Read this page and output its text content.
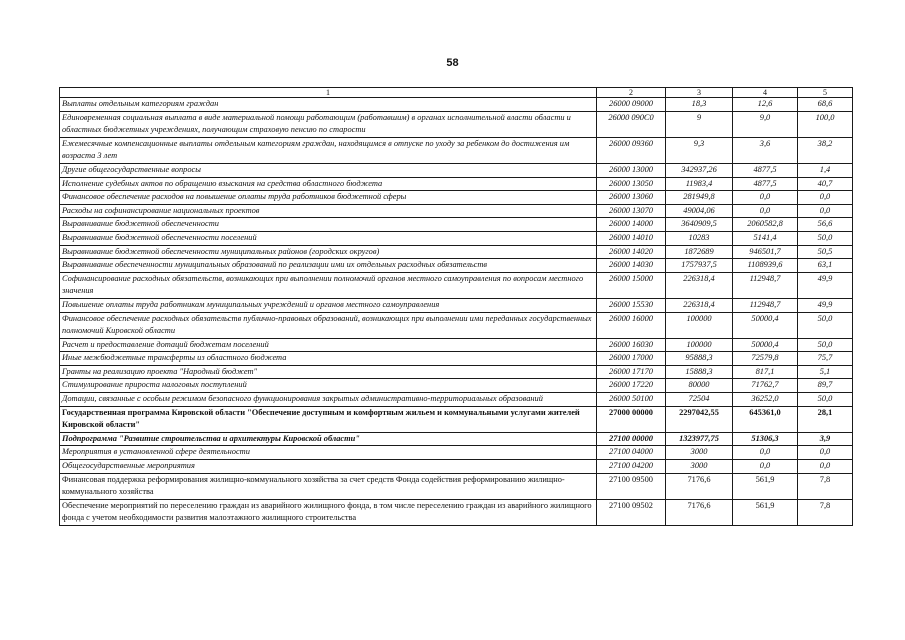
58
1	2	3	4	5
Выплаты отдельным категориям граждан	26000 09000	18,3	12,6	68,6
Единовременная социальная выплата в виде материальной помощи работающим (работавшим) в органах исполнительной власти области и областных бюджетных учреждениях, получающим страховую пенсию по старости	26000 090С0	9	9,0	100,0
Ежемесячные компенсационные выплаты отдельным категориям граждан, находящимся в отпуске по уходу за ребенком до достижения им возраста 3 лет	26000 09360	9,3	3,6	38,2
Другие общегосударственные вопросы	26000 13000	342937,26	4877,5	1,4
Исполнение судебных актов по обращению взыскания на средства областного бюджета	26000 13050	11983,4	4877,5	40,7
Финансовое обеспечение расходов на повышение оплаты труда работников бюджетной сферы	26000 13060	281949,8	0,0	0,0
Расходы на софинансирование национальных проектов	26000 13070	49004,06	0,0	0,0
Выравнивание бюджетной обеспеченности	26000 14000	3640909,5	2060582,8	56,6
Выравнивание бюджетной обеспеченности поселений	26000 14010	10283	5141,4	50,0
Выравнивание бюджетной обеспеченности муниципальных районов (городских округов)	26000 14020	1872689	946501,7	50,5
Выравнивание обеспеченности муниципальных образований по реализации ими их отдельных расходных обязательств	26000 14030	1757937,5	1108939,6	63,1
Софинансирование расходных обязательств, возникающих при выполнении полномочий органов местного самоуправления по вопросам местного значения	26000 15000	226318,4	112948,7	49,9
Повышение оплаты труда работникам муниципальных учреждений и органов местного самоуправления	26000 15530	226318,4	112948,7	49,9
Финансовое обеспечение расходных обязательств публично-правовых образований, возникающих при выполнении ими переданных государственных полномочий Кировской области	26000 16000	100000	50000,4	50,0
Расчет и предоставление дотаций бюджетам поселений	26000 16030	100000	50000,4	50,0
Иные межбюджетные трансферты из областного бюджета	26000 17000	95888,3	72579,8	75,7
Гранты на реализацию проекта "Народный бюджет"	26000 17170	15888,3	817,1	5,1
Стимулирование прироста налоговых поступлений	26000 17220	80000	71762,7	89,7
Дотации, связанные с особым режимом безопасного функционирования закрытых административно-территориальных образований	26000 50100	72504	36252,0	50,0
Государственная программа Кировской области "Обеспечение доступным и комфортным жильем и коммунальными услугами жителей Кировской области"	27000 00000	2297042,55	645361,0	28,1
Подпрограмма "Развитие строительства и архитектуры Кировской области"	27100 00000	1323977,75	51306,3	3,9
Мероприятия в установленной сфере деятельности	27100 04000	3000	0,0	0,0
Общегосударственные мероприятия	27100 04200	3000	0,0	0,0
Финансовая поддержка реформирования жилищно-коммунального хозяйства за счет средств Фонда содействия реформированию жилищно-коммунального хозяйства	27100 09500	7176,6	561,9	7,8
Обеспечение мероприятий по переселению граждан из аварийного жилищного фонда, в том числе переселению граждан из аварийного жилищного фонда с учетом необходимости развития малоэтажного жилищного строительства	27100 09502	7176,6	561,9	7,8
